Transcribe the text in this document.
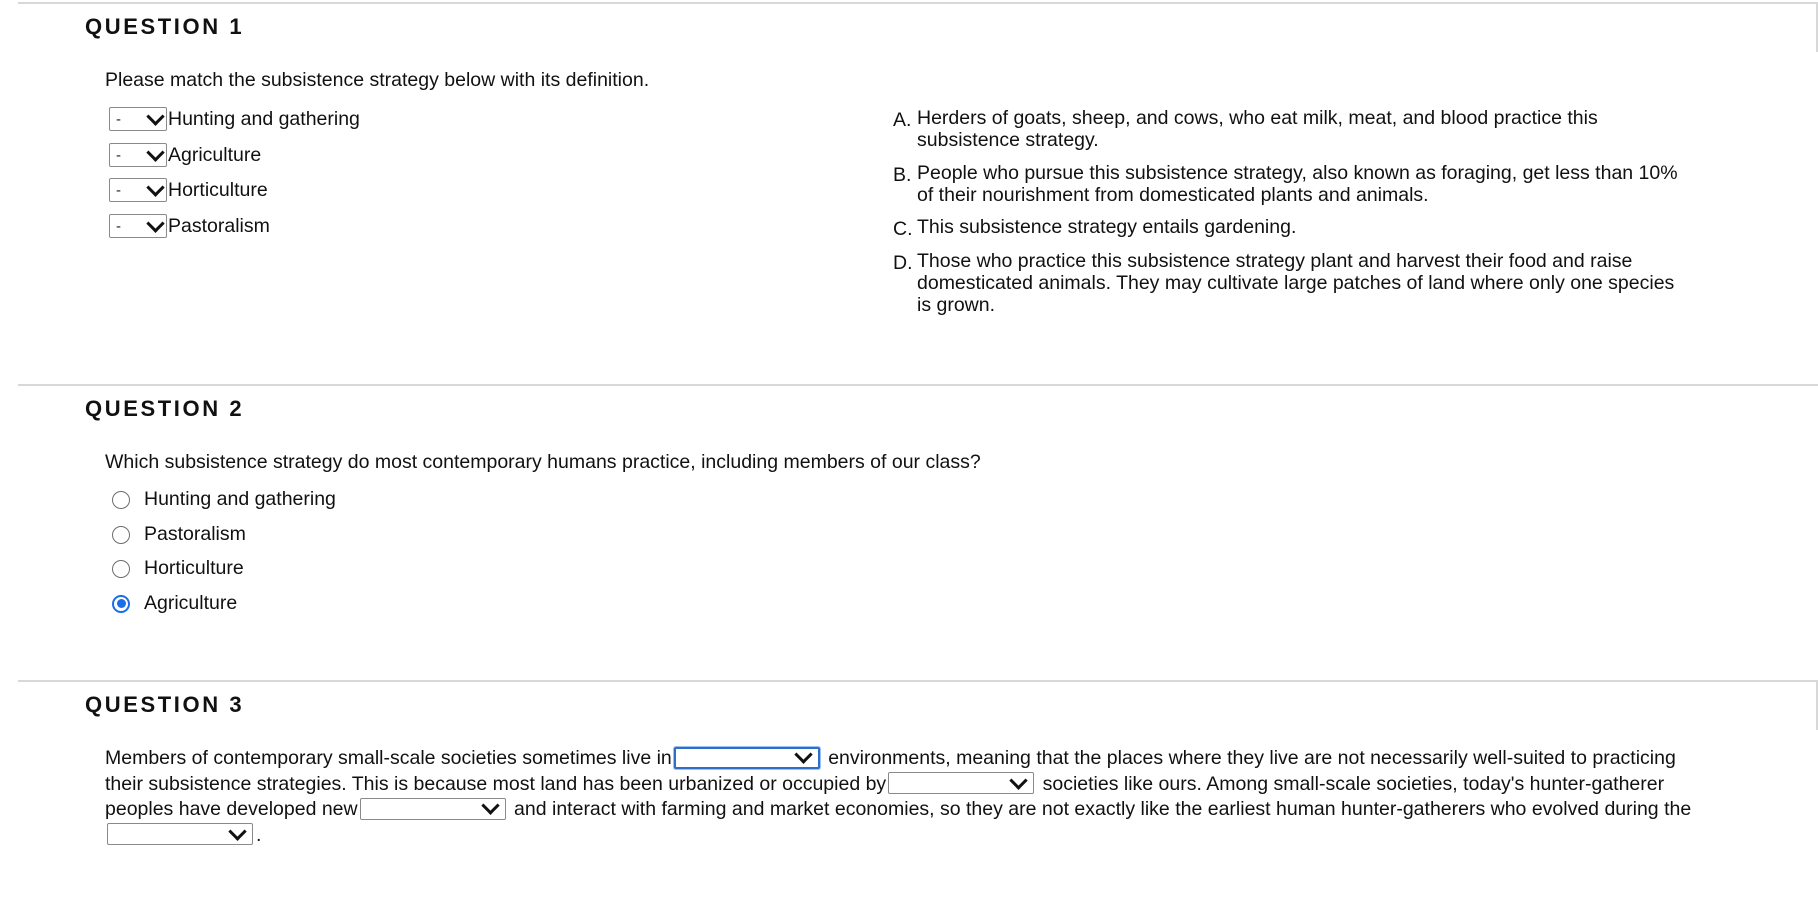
QUESTION 1
Please match the subsistence strategy below with its definition.
- Hunting and gathering
- Agriculture
- Horticulture
- Pastoralism
A. Herders of goats, sheep, and cows, who eat milk, meat, and blood practice this subsistence strategy.
B. People who pursue this subsistence strategy, also known as foraging, get less than 10% of their nourishment from domesticated plants and animals.
C. This subsistence strategy entails gardening.
D. Those who practice this subsistence strategy plant and harvest their food and raise domesticated animals. They may cultivate large patches of land where only one species is grown.
QUESTION 2
Which subsistence strategy do most contemporary humans practice, including members of our class?
Hunting and gathering
Pastoralism
Horticulture
Agriculture
QUESTION 3
Members of contemporary small-scale societies sometimes live in	environments, meaning that the places where they live are not necessarily well-suited to practicing their subsistence strategies. This is because most land has been urbanized or occupied by	societies like ours. Among small-scale societies, today's hunter-gatherer peoples have developed new	and interact with farming and market economies, so they are not exactly like the earliest human hunter-gatherers who evolved during the
.
